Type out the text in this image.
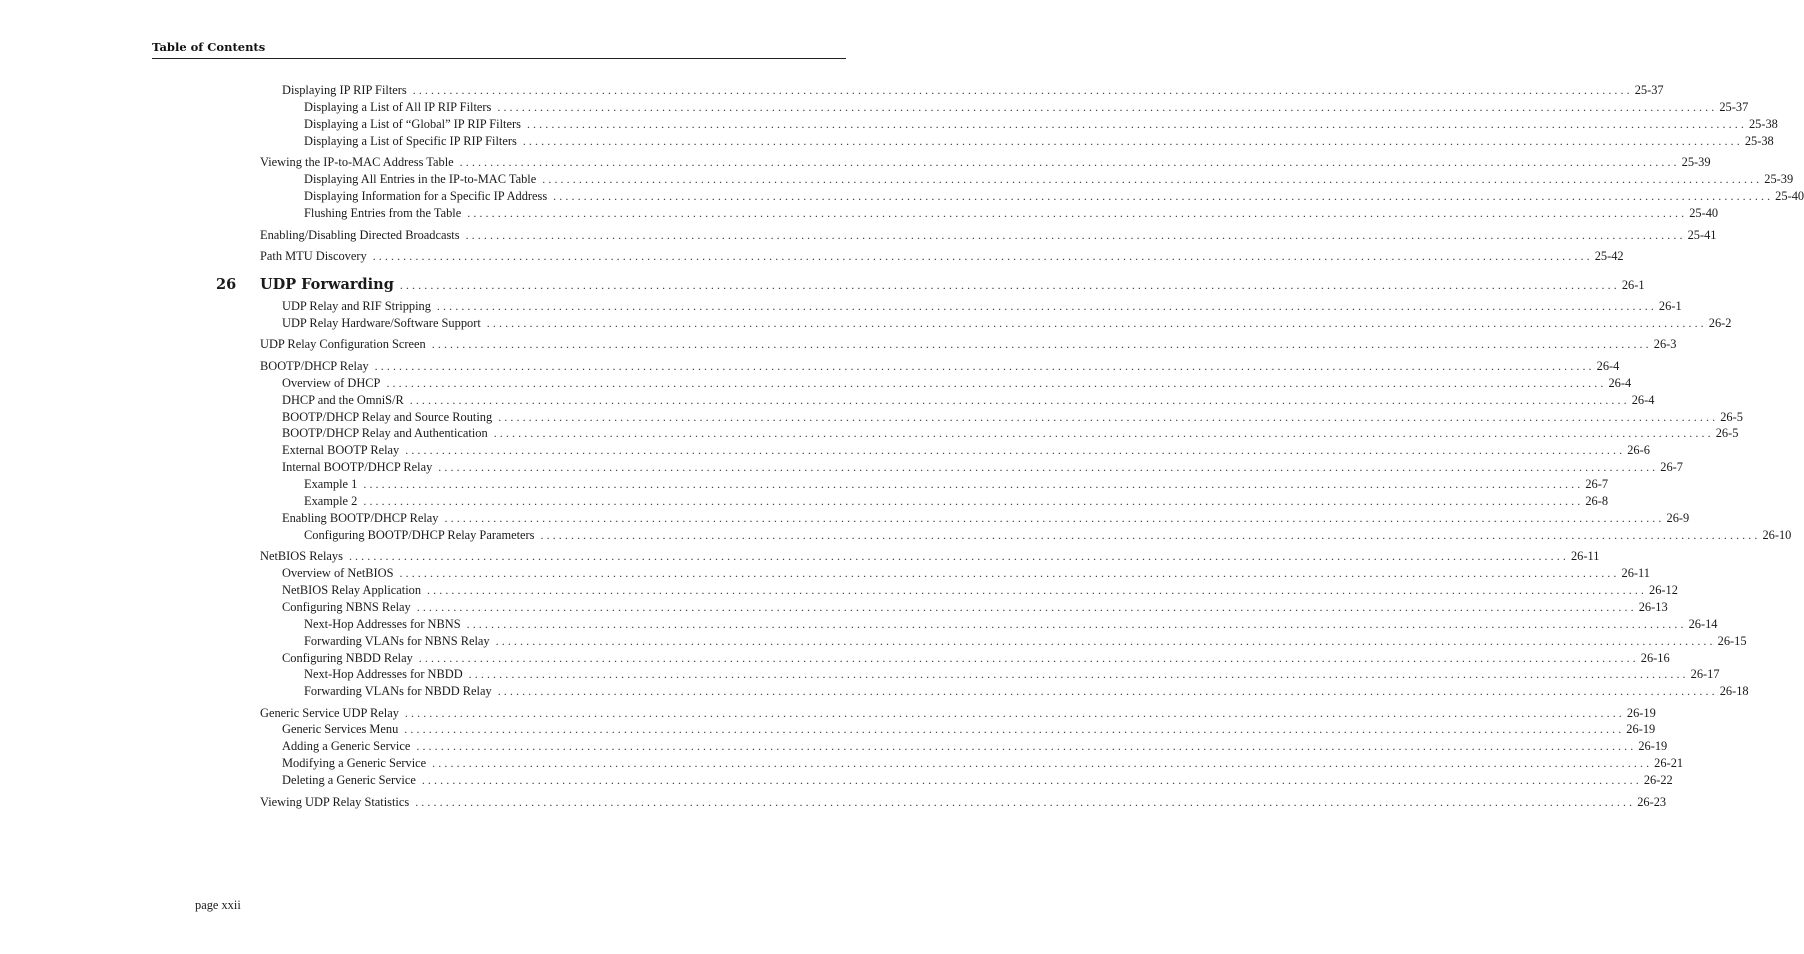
Table of Contents
Displaying IP RIP Filters ........................................................................................................................................................................................................ 25-37
Displaying a List of All IP RIP Filters ........................................................................................................................................................................................................ 25-37
Displaying a List of “Global” IP RIP Filters ........................................................................................................................................................................................................ 25-38
Displaying a List of Specific IP RIP Filters ........................................................................................................................................................................................................ 25-38
Viewing the IP-to-MAC Address Table ........................................................................................................................................................................................................ 25-39
Displaying All Entries in the IP-to-MAC Table ........................................................................................................................................................................................................ 25-39
Displaying Information for a Specific IP Address ........................................................................................................................................................................................................ 25-40
Flushing Entries from the Table ........................................................................................................................................................................................................ 25-40
Enabling/Disabling Directed Broadcasts ........................................................................................................................................................................................................ 25-41
Path MTU Discovery ........................................................................................................................................................................................................ 25-42
26 UDP Forwarding ........................................................................................................................................................................................................ 26-1
UDP Relay and RIF Stripping ........................................................................................................................................................................................................ 26-1
UDP Relay Hardware/Software Support ........................................................................................................................................................................................................ 26-2
UDP Relay Configuration Screen ........................................................................................................................................................................................................ 26-3
BOOTP/DHCP Relay ........................................................................................................................................................................................................ 26-4
Overview of DHCP ........................................................................................................................................................................................................ 26-4
DHCP and the OmniS/R ........................................................................................................................................................................................................ 26-4
BOOTP/DHCP Relay and Source Routing ........................................................................................................................................................................................................ 26-5
BOOTP/DHCP Relay and Authentication ........................................................................................................................................................................................................ 26-5
External BOOTP Relay ........................................................................................................................................................................................................ 26-6
Internal BOOTP/DHCP Relay ........................................................................................................................................................................................................ 26-7
Example 1 ........................................................................................................................................................................................................ 26-7
Example 2 ........................................................................................................................................................................................................ 26-8
Enabling BOOTP/DHCP Relay ........................................................................................................................................................................................................ 26-9
Configuring BOOTP/DHCP Relay Parameters ........................................................................................................................................................................................................ 26-10
NetBIOS Relays ........................................................................................................................................................................................................ 26-11
Overview of NetBIOS ........................................................................................................................................................................................................ 26-11
NetBIOS Relay Application ........................................................................................................................................................................................................ 26-12
Configuring NBNS Relay ........................................................................................................................................................................................................ 26-13
Next-Hop Addresses for NBNS ........................................................................................................................................................................................................ 26-14
Forwarding VLANs for NBNS Relay ........................................................................................................................................................................................................ 26-15
Configuring NBDD Relay ........................................................................................................................................................................................................ 26-16
Next-Hop Addresses for NBDD ........................................................................................................................................................................................................ 26-17
Forwarding VLANs for NBDD Relay ........................................................................................................................................................................................................ 26-18
Generic Service UDP Relay ........................................................................................................................................................................................................ 26-19
Generic Services Menu ........................................................................................................................................................................................................ 26-19
Adding a Generic Service ........................................................................................................................................................................................................ 26-19
Modifying a Generic Service ........................................................................................................................................................................................................ 26-21
Deleting a Generic Service ........................................................................................................................................................................................................ 26-22
Viewing UDP Relay Statistics ........................................................................................................................................................................................................ 26-23
page xxii
